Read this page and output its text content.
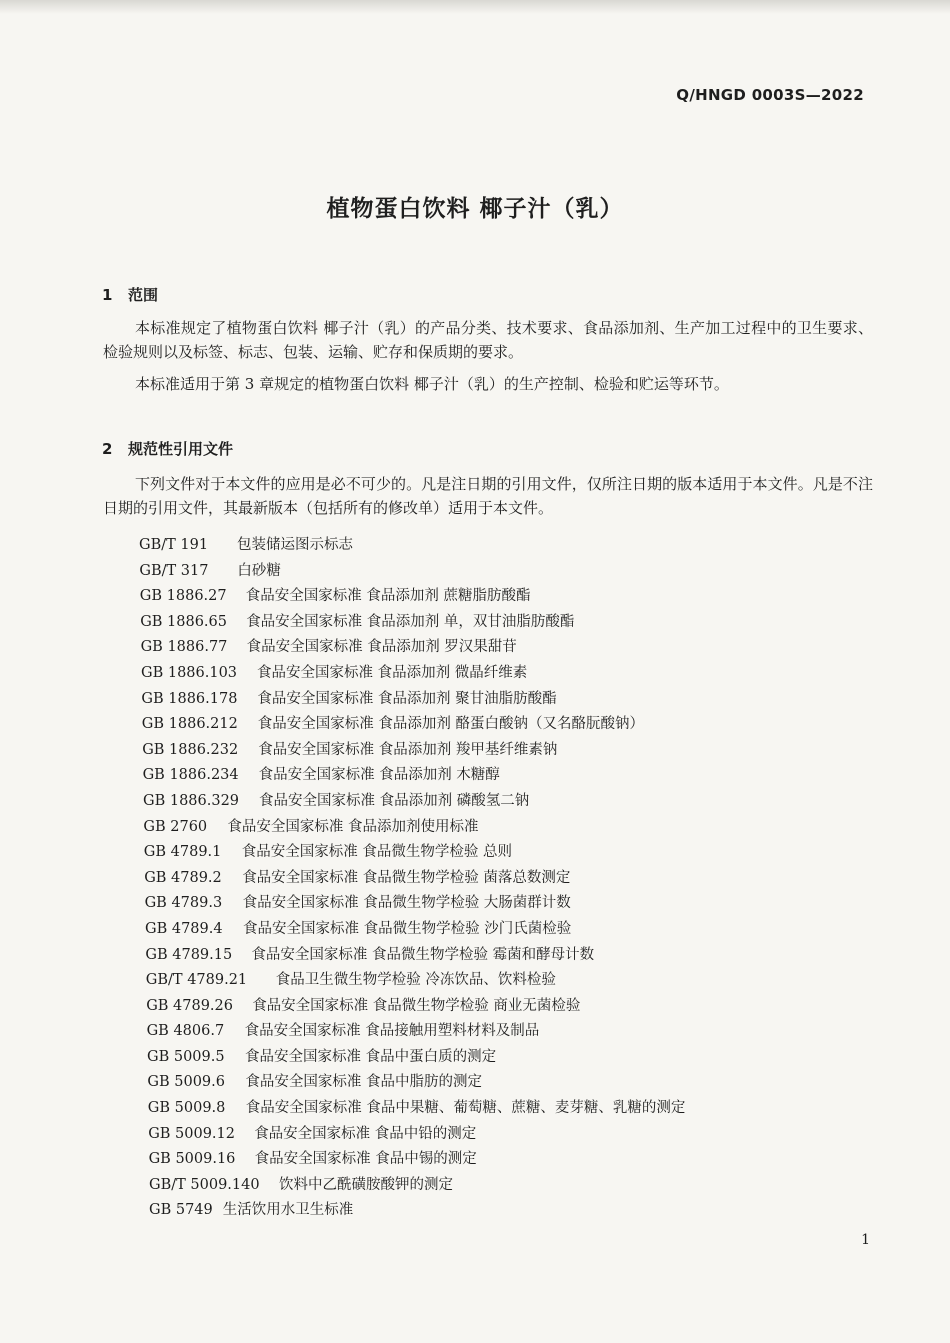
Q/HNGD 0003S—2022
植物蛋白饮料 椰子汁（乳）
1 范围
本标准规定了植物蛋白饮料 椰子汁（乳）的产品分类、技术要求、食品添加剂、生产加工过程中的卫生要求、检验规则以及标签、标志、包装、运输、贮存和保质期的要求。
本标准适用于第 3 章规定的植物蛋白饮料 椰子汁（乳）的生产控制、检验和贮运等环节。
2 规范性引用文件
下列文件对于本文件的应用是必不可少的。凡是注日期的引用文件，仅所注日期的版本适用于本文件。凡是不注日期的引用文件，其最新版本（包括所有的修改单）适用于本文件。
GB/T 191 包装储运图示标志
GB/T 317 白砂糖
GB 1886.27 食品安全国家标准 食品添加剂 蔗糖脂肪酸酯
GB 1886.65 食品安全国家标准 食品添加剂 单，双甘油脂肪酸酯
GB 1886.77 食品安全国家标准 食品添加剂 罗汉果甜苷
GB 1886.103 食品安全国家标准 食品添加剂 微晶纤维素
GB 1886.178 食品安全国家标准 食品添加剂 聚甘油脂肪酸酯
GB 1886.212 食品安全国家标准 食品添加剂 酪蛋白酸钠（又名酪朊酸钠）
GB 1886.232 食品安全国家标准 食品添加剂 羧甲基纤维素钠
GB 1886.234 食品安全国家标准 食品添加剂 木糖醇
GB 1886.329 食品安全国家标准 食品添加剂 磷酸氢二钠
GB 2760 食品安全国家标准 食品添加剂使用标准
GB 4789.1 食品安全国家标准 食品微生物学检验 总则
GB 4789.2 食品安全国家标准 食品微生物学检验 菌落总数测定
GB 4789.3 食品安全国家标准 食品微生物学检验 大肠菌群计数
GB 4789.4 食品安全国家标准 食品微生物学检验 沙门氏菌检验
GB 4789.15 食品安全国家标准 食品微生物学检验 霉菌和酵母计数
GB/T 4789.21 食品卫生微生物学检验 冷冻饮品、饮料检验
GB 4789.26 食品安全国家标准 食品微生物学检验 商业无菌检验
GB 4806.7 食品安全国家标准 食品接触用塑料材料及制品
GB 5009.5 食品安全国家标准 食品中蛋白质的测定
GB 5009.6 食品安全国家标准 食品中脂肪的测定
GB 5009.8 食品安全国家标准 食品中果糖、葡萄糖、蔗糖、麦芽糖、乳糖的测定
GB 5009.12 食品安全国家标准 食品中铅的测定
GB 5009.16 食品安全国家标准 食品中锡的测定
GB/T 5009.140 饮料中乙酰磺胺酸钾的测定
GB 5749 生活饮用水卫生标准
1
